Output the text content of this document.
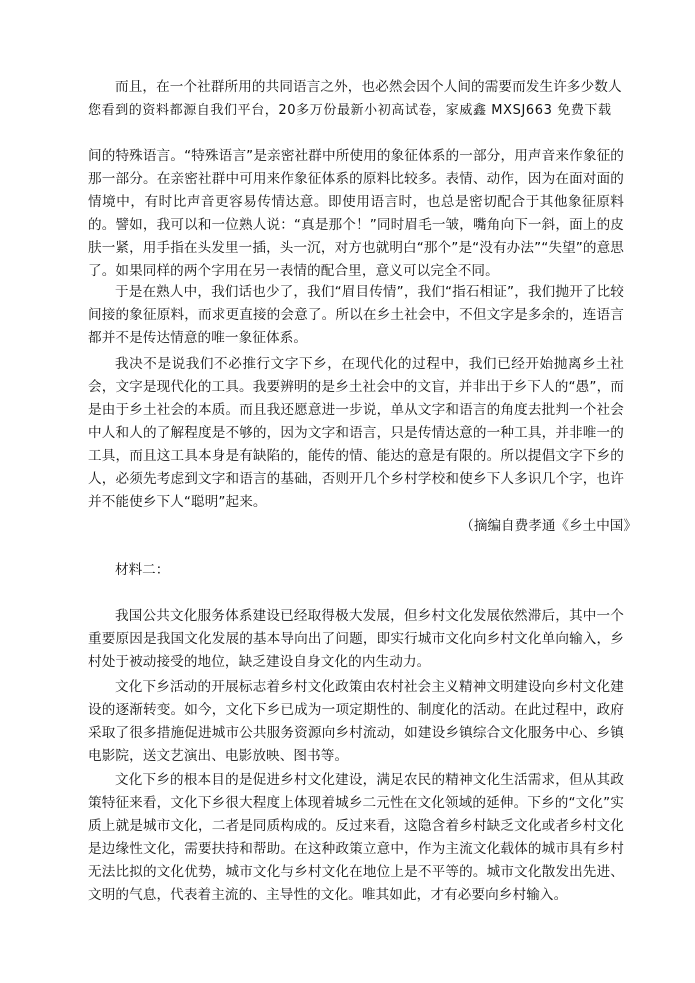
而且，在一个社群所用的共同语言之外，也必然会因个人间的需要而发生许多少数人

您看到的资料都源自我们平台，20多万份最新小初高试卷，家威鑫 MXSJ663 免费下载

间的特殊语言。“特殊语言”是亲密社群中所使用的象征体系的一部分，用声音来作象征的那一部分。在亲密社群中可用来作象征体系的原料比较多。表情、动作，因为在面对面的情境中，有时比声音更容易传情达意。即使用语言时，也总是密切配合于其他象征原料的。譬如，我可以和一位熟人说：“真是那个！”同时眉毛一皱，嘴角向下一斜，面上的皮肤一紧，用手指在头发里一插，头一沉，对方也就明白“那个”是“没有办法”“失望”的意思了。如果同样的两个字用在另一表情的配合里，意义可以完全不同。

于是在熟人中，我们话也少了，我们“眉目传情”，我们“指石相证”，我们抛开了比较间接的象征原料，而求更直接的会意了。所以在乡土社会中，不但文字是多余的，连语言都并不是传达情意的唯一象征体系。

我决不是说我们不必推行文字下乡，在现代化的过程中，我们已经开始抛离乡土社会，文字是现代化的工具。我要辨明的是乡土社会中的文盲，并非出于乡下人的“愚”，而是由于乡土社会的本质。而且我还愿意进一步说，单从文字和语言的角度去批判一个社会中人和人的了解程度是不够的，因为文字和语言，只是传情达意的一种工具，并非唯一的工具，而且这工具本身是有缺陷的，能传的情、能达的意是有限的。所以提倡文字下乡的人，必须先考虑到文字和语言的基础，否则开几个乡村学校和使乡下人多识几个字，也许并不能使乡下人“聪明”起来。

（摘编自费孝通《乡土中国》

材料二：

我国公共文化服务体系建设已经取得极大发展，但乡村文化发展依然滞后，其中一个重要原因是我国文化发展的基本导向出了问题，即实行城市文化向乡村文化单向输入，乡村处于被动接受的地位，缺乏建设自身文化的内生动力。

文化下乡活动的开展标志着乡村文化政策由农村社会主义精神文明建设向乡村文化建设的逐渐转变。如今，文化下乡已成为一项定期性的、制度化的活动。在此过程中，政府采取了很多措施促进城市公共服务资源向乡村流动，如建设乡镇综合文化服务中心、乡镇电影院，送文艺演出、电影放映、图书等。

文化下乡的根本目的是促进乡村文化建设，满足农民的精神文化生活需求，但从其政策特征来看，文化下乡很大程度上体现着城乡二元性在文化领域的延伸。下乡的“文化”实质上就是城市文化，二者是同质构成的。反过来看，这隐含着乡村缺乏文化或者乡村文化是边缘性文化，需要扶持和帮助。在这种政策立意中，作为主流文化载体的城市具有乡村无法比拟的文化优势，城市文化与乡村文化在地位上是不平等的。城市文化散发出先进、文明的气息，代表着主流的、主导性的文化。唯其如此，才有必要向乡村输入。
